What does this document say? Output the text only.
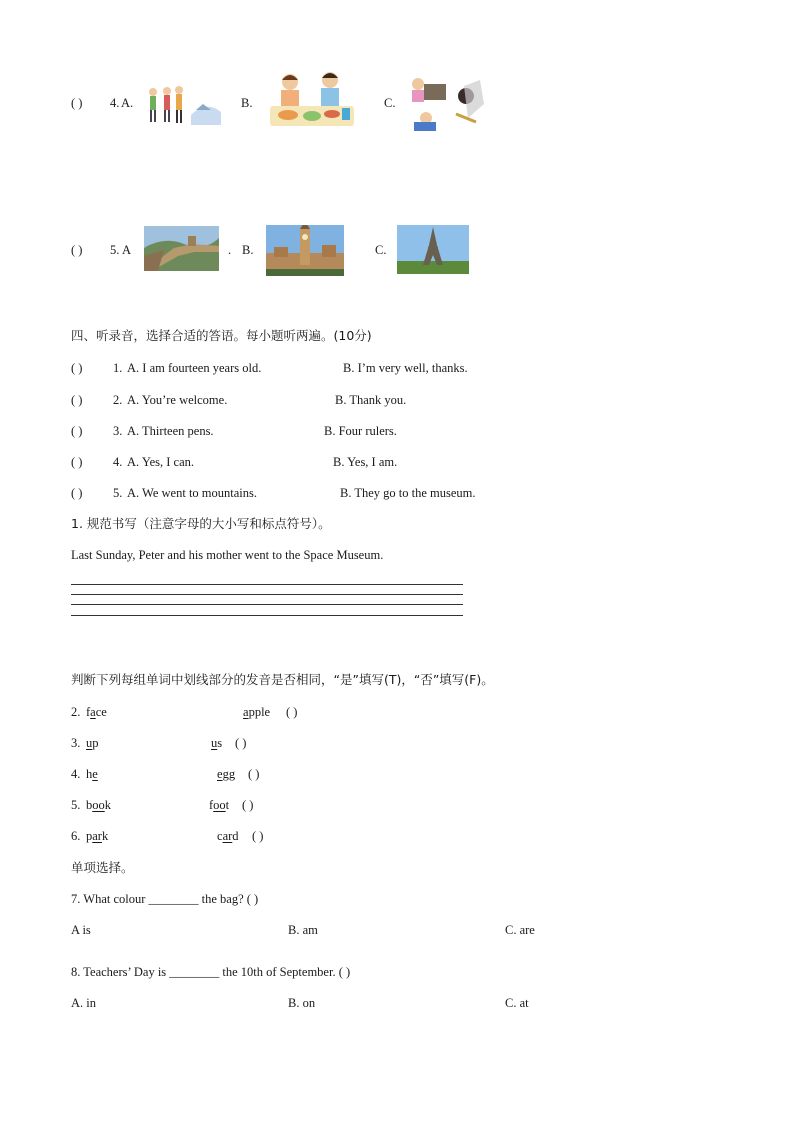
( ) 4. A.	B.	C.
( ) 5. A	. B.	C.
四、听录音，选择合适的答语。每小题听两遍。(10分)
( ) 1. A. I am fourteen years old.	B. I’m very well, thanks.
( ) 2. A. You’re welcome.	B. Thank you.
( ) 3. A. Thirteen pens.	B. Four rulers.
( ) 4. A. Yes, I can.	B. Yes, I am.
( ) 5. A. We went to mountains.	B. They go to the museum.
1. 规范书写（注意字母的大小写和标点符号）。
Last Sunday, Peter and his mother went to the Space Museum.
判断下列每组单词中划线部分的发音是否相同，“是”填写(T)，“否”填写(F)。
2. face	apple ( )
3. up	us ( )
4. he	egg ( )
5. book	foot ( )
6. park	card ( )
单项选择。
7. What colour ________ the bag? ( )
A is	B. am	C. are
8. Teachers’ Day is ________ the 10th of September. ( )
A. in	B. on	C. at
